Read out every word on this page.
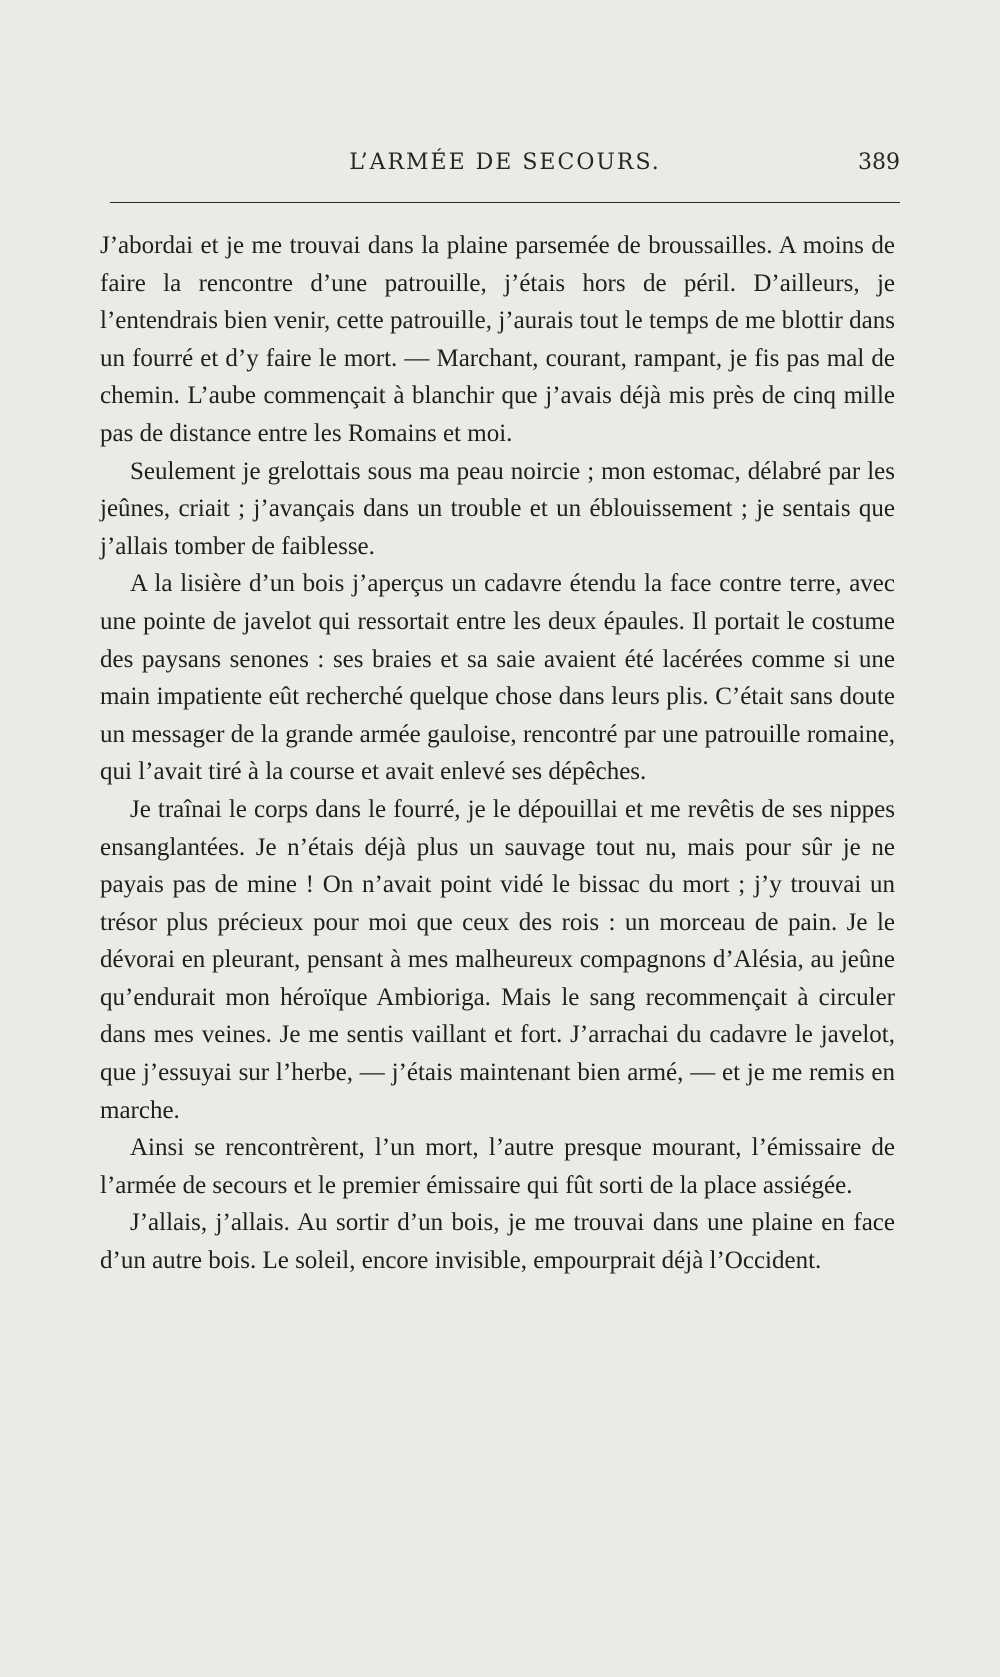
L’ARMÉE DE SECOURS.	389

J’abordai et je me trouvai dans la plaine parsemée de broussailles. A moins de faire la rencontre d’une patrouille, j’étais hors de péril. D’ailleurs, je l’entendrais bien venir, cette patrouille, j’aurais tout le temps de me blottir dans un fourré et d’y faire le mort. — Marchant, courant, rampant, je fis pas mal de chemin. L’aube commençait à blanchir que j’avais déjà mis près de cinq mille pas de distance entre les Romains et moi.

Seulement je grelottais sous ma peau noircie ; mon estomac, délabré par les jeûnes, criait ; j’avançais dans un trouble et un éblouissement ; je sentais que j’allais tomber de faiblesse.

A la lisière d’un bois j’aperçus un cadavre étendu la face contre terre, avec une pointe de javelot qui ressortait entre les deux épaules. Il portait le costume des paysans senones : ses braies et sa saie avaient été lacérées comme si une main impatiente eût recherché quelque chose dans leurs plis. C’était sans doute un messager de la grande armée gauloise, rencontré par une patrouille romaine, qui l’avait tiré à la course et avait enlevé ses dépêches.

Je traînai le corps dans le fourré, je le dépouillai et me revêtis de ses nippes ensanglantées. Je n’étais déjà plus un sauvage tout nu, mais pour sûr je ne payais pas de mine ! On n’avait point vidé le bissac du mort ; j’y trouvai un trésor plus précieux pour moi que ceux des rois : un morceau de pain. Je le dévorai en pleurant, pensant à mes malheureux compagnons d’Alésia, au jeûne qu’endurait mon héroïque Ambioriga. Mais le sang recommençait à circuler dans mes veines. Je me sentis vaillant et fort. J’arrachai du cadavre le javelot, que j’essuyai sur l’herbe, — j’étais maintenant bien armé, — et je me remis en marche.

Ainsi se rencontrèrent, l’un mort, l’autre presque mourant, l’émissaire de l’armée de secours et le premier émissaire qui fût sorti de la place assiégée.

J’allais, j’allais. Au sortir d’un bois, je me trouvai dans une plaine en face d’un autre bois. Le soleil, encore invisible, empourprait déjà l’Occident.
